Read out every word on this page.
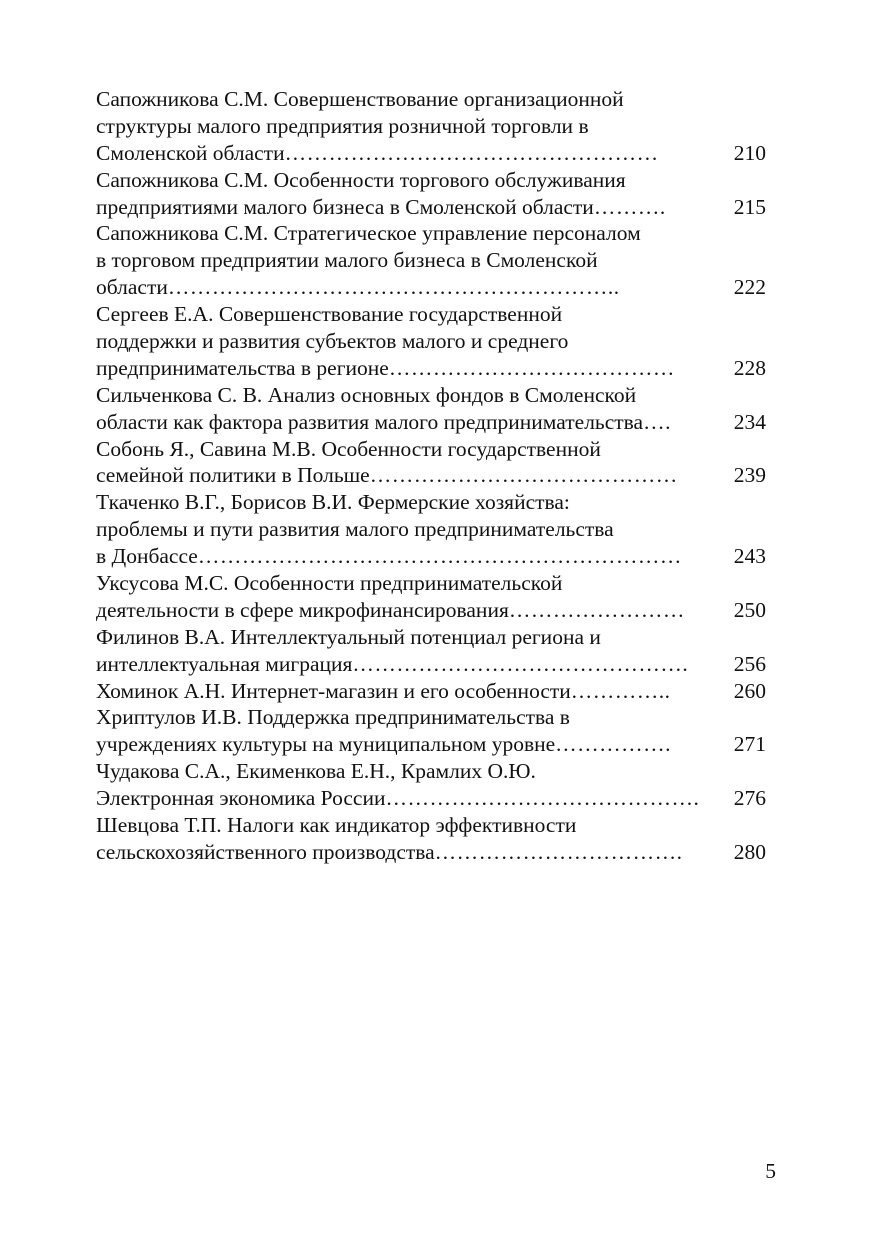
Сапожникова С.М. Совершенствование организационной
структуры малого предприятия розничной торговли в
Смоленской области ……………………………………………	210
Сапожникова С.М. Особенности торгового обслуживания
предприятиями малого бизнеса в Смоленской области ……….	215
Сапожникова С.М. Стратегическое управление персоналом
в торговом предприятии малого бизнеса в Смоленской
области ……………………………………………………..	222
Сергеев Е.А. Совершенствование государственной
поддержки и развития субъектов малого и среднего
предпринимательства в регионе …………………………………	228
Сильченкова С. В. Анализ основных фондов в Смоленской
области как фактора развития малого предпринимательства ….	234
Собонь Я., Савина М.В. Особенности государственной
семейной политики в Польше ……………………………………	239
Ткаченко В.Г., Борисов В.И. Фермерские хозяйства:
проблемы и пути развития малого предпринимательства
в Донбассе …………………………………………………………	243
Уксусова М.С. Особенности предпринимательской
деятельности в сфере микрофинансирования ……………………	250
Филинов В.А. Интеллектуальный потенциал региона и
интеллектуальная миграция ……………………………………….	256
Хоминок А.Н. Интернет-магазин и его особенности …………..	260
Хриптулов И.В. Поддержка предпринимательства в
учреждениях культуры на муниципальном уровне …………….	271
Чудакова С.А., Екименкова Е.Н., Крамлих О.Ю.
Электронная экономика России …………………………………….	276
Шевцова Т.П. Налоги как индикатор эффективности
сельскохозяйственного производства …………………………….	280
5
